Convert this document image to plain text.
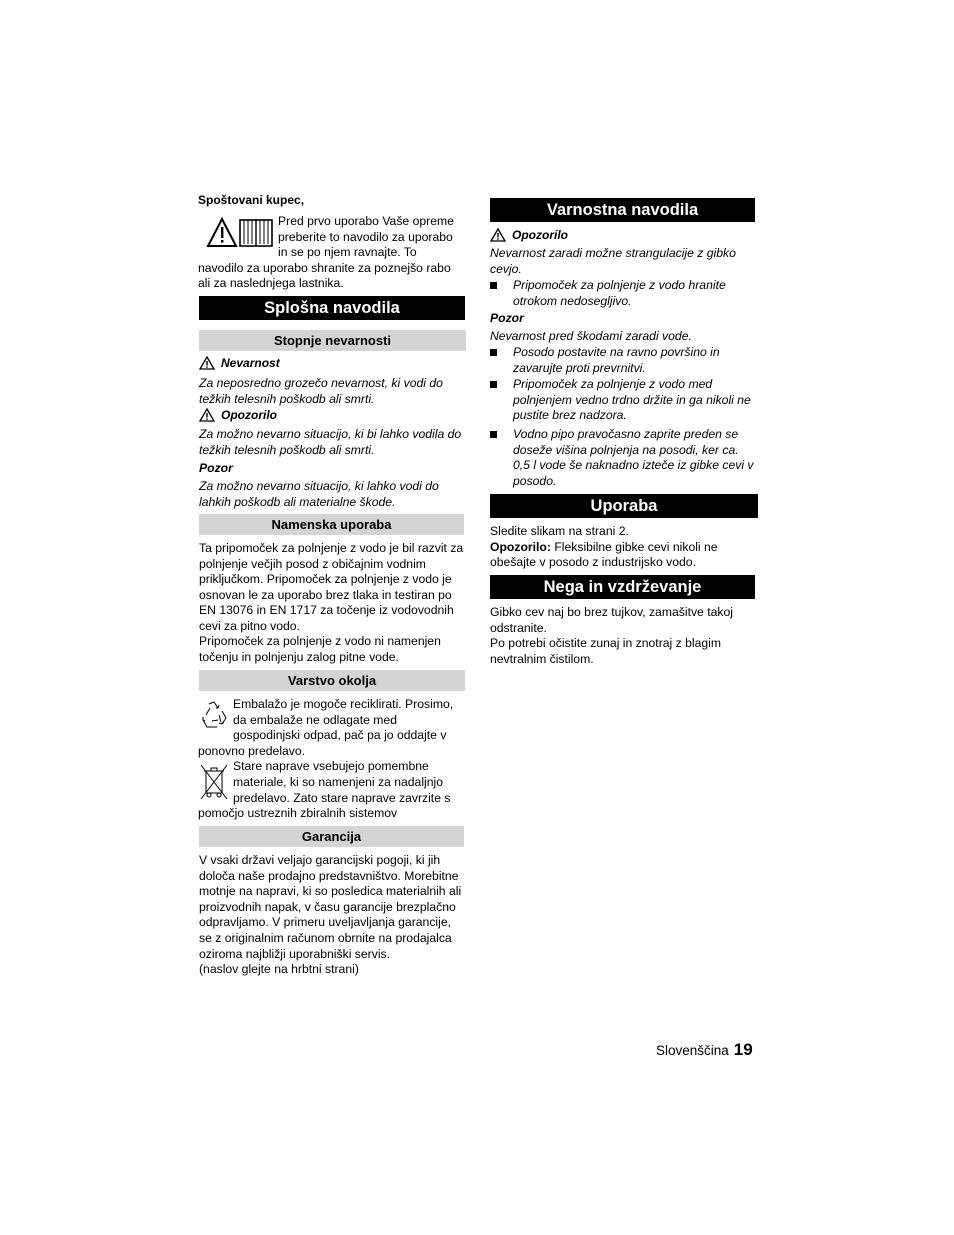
Spoštovani kupec,
Pred prvo uporabo Vaše opreme
preberite to navodilo za uporabo
in se po njem ravnajte. To
navodilo za uporabo shranite za poznejšo rabo
ali za naslednjega lastnika.
Splošna navodila
Stopnje nevarnosti
Nevarnost
Za neposredno grozečo nevarnost, ki vodi do težkih telesnih poškodb ali smrti.
Opozorilo
Za možno nevarno situacijo, ki bi lahko vodila do težkih telesnih poškodb ali smrti.
Pozor
Za možno nevarno situacijo, ki lahko vodi do lahkih poškodb ali materialne škode.
Namenska uporaba
Ta pripomoček za polnjenje z vodo je bil razvit za polnjenje večjih posod z običajnim vodnim priključkom. Pripomoček za polnjenje z vodo je osnovan le za uporabo brez tlaka in testiran po EN 13076 in EN 1717 za točenje iz vodovodnih cevi za pitno vodo.
Pripomoček za polnjenje z vodo ni namenjen točenju in polnjenju zalog pitne vode.
Varstvo okolja
Embalažo je mogoče reciklirati. Prosimo, da embalaže ne odlagate med gospodinjski odpad, pač pa jo oddajte v ponovno predelavo.
Stare naprave vsebujejo pomembne materiale, ki so namenjeni za nadaljnjo predelavo. Zato stare naprave zavrzite s pomočjo ustreznih zbiralnih sistemov
Garancija
V vsaki državi veljajo garancijski pogoji, ki jih določa naše prodajno predstavništvo. Morebitne motnje na napravi, ki so posledica materialnih ali proizvodnih napak, v času garancije brezplačno odpravljamo. V primeru uveljavljanja garancije, se z originalnim računom obrnite na prodajalca oziroma najbližji uporabniški servis.
(naslov glejte na hrbtni strani)
Varnostna navodila
Opozorilo
Nevarnost zaradi možne strangulacije z gibko cevjo.
Pripomoček za polnjenje z vodo hranite otrokom nedosegljivo.
Pozor
Nevarnost pred škodami zaradi vode.
Posodo postavite na ravno površino in zavarujte proti prevrnitvi.
Pripomoček za polnjenje z vodo med polnjenjem vedno trdno držite in ga nikoli ne pustite brez nadzora.
Vodno pipo pravočasno zaprite preden se doseže višina polnjenja na posodi, ker ca. 0,5 l vode še naknadno izteče iz gibke cevi v posodo.
Uporaba
Sledite slikam na strani 2.
Opozorilo: Fleksibilne gibke cevi nikoli ne obešajte v posodo z industrijsko vodo.
Nega in vzdrževanje
Gibko cev naj bo brez tujkov, zamašitve takoj odstranite.
Po potrebi očistite zunaj in znotraj z blagim nevtralnim čistilom.
Slovenščina 19
